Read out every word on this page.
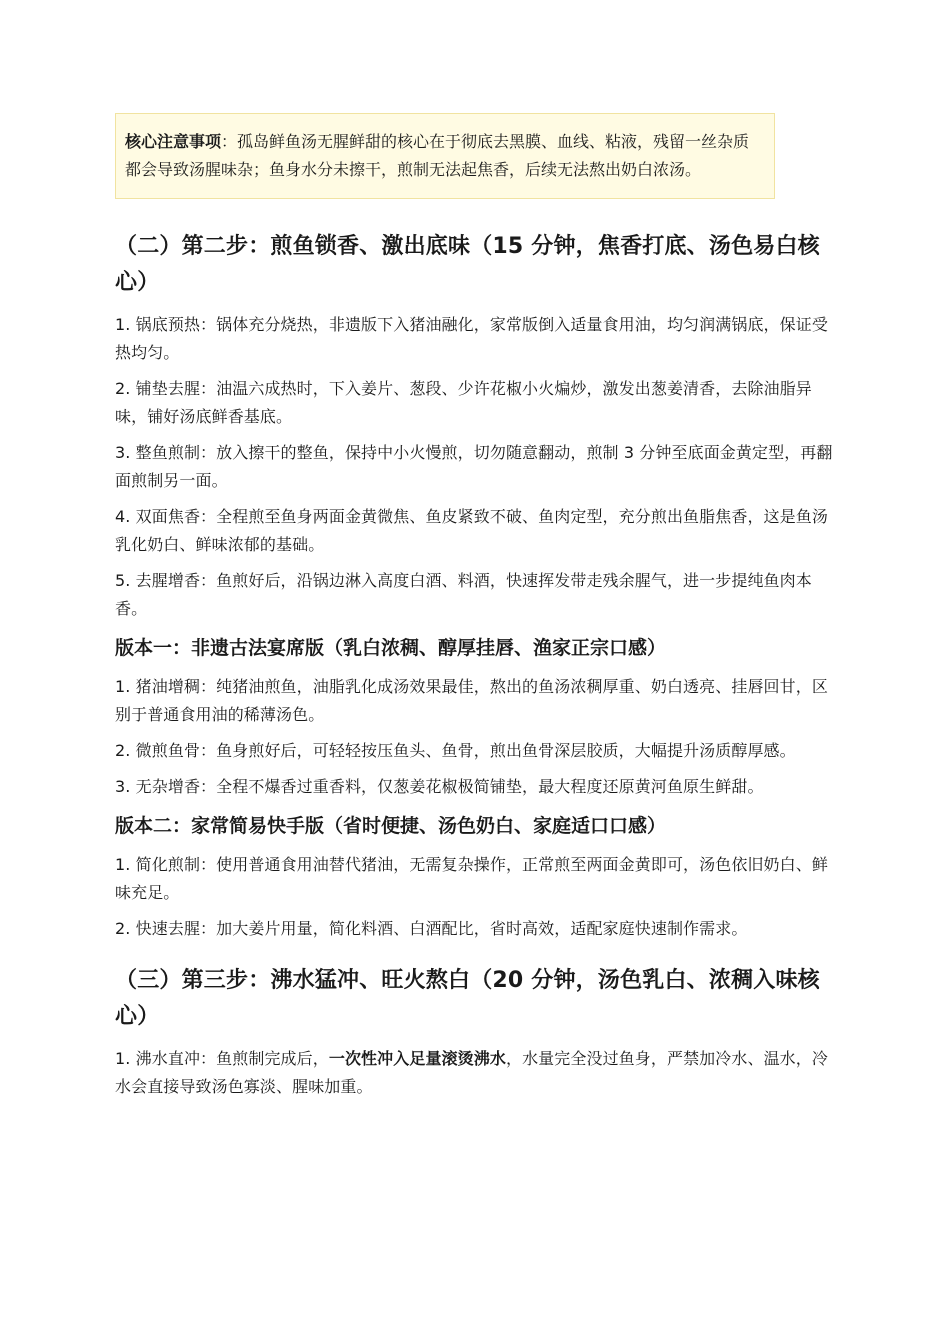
核心注意事项：孤岛鲜鱼汤无腥鲜甜的核心在于彻底去黑膜、血线、粘液，残留一丝杂质都会导致汤腥味杂；鱼身水分未擦干，煎制无法起焦香，后续无法熬出奶白浓汤。
（二）第二步：煎鱼锁香、激出底味（15 分钟，焦香打底、汤色易白核心）

1. 锅底预热：锅体充分烧热，非遗版下入猪油融化，家常版倒入适量食用油，均匀润满锅底，保证受热均匀。

2. 铺垫去腥：油温六成热时，下入姜片、葱段、少许花椒小火煸炒，激发出葱姜清香，去除油脂异味，铺好汤底鲜香基底。

3. 整鱼煎制：放入擦干的整鱼，保持中小火慢煎，切勿随意翻动，煎制 3 分钟至底面金黄定型，再翻面煎制另一面。

4. 双面焦香：全程煎至鱼身两面金黄微焦、鱼皮紧致不破、鱼肉定型，充分煎出鱼脂焦香，这是鱼汤乳化奶白、鲜味浓郁的基础。

5. 去腥增香：鱼煎好后，沿锅边淋入高度白酒、料酒，快速挥发带走残余腥气，进一步提纯鱼肉本香。

版本一：非遗古法宴席版（乳白浓稠、醇厚挂唇、渔家正宗口感）

1. 猪油增稠：纯猪油煎鱼，油脂乳化成汤效果最佳，熬出的鱼汤浓稠厚重、奶白透亮、挂唇回甘，区别于普通食用油的稀薄汤色。

2. 微煎鱼骨：鱼身煎好后，可轻轻按压鱼头、鱼骨，煎出鱼骨深层胶质，大幅提升汤质醇厚感。

3. 无杂增香：全程不爆香过重香料，仅葱姜花椒极简铺垫，最大程度还原黄河鱼原生鲜甜。

版本二：家常简易快手版（省时便捷、汤色奶白、家庭适口口感）

1. 简化煎制：使用普通食用油替代猪油，无需复杂操作，正常煎至两面金黄即可，汤色依旧奶白、鲜味充足。

2. 快速去腥：加大姜片用量，简化料酒、白酒配比，省时高效，适配家庭快速制作需求。

（三）第三步：沸水猛冲、旺火熬白（20 分钟，汤色乳白、浓稠入味核心）

1. 沸水直冲：鱼煎制完成后，一次性冲入足量滚烫沸水，水量完全没过鱼身，严禁加冷水、温水，冷水会直接导致汤色寡淡、腥味加重。
